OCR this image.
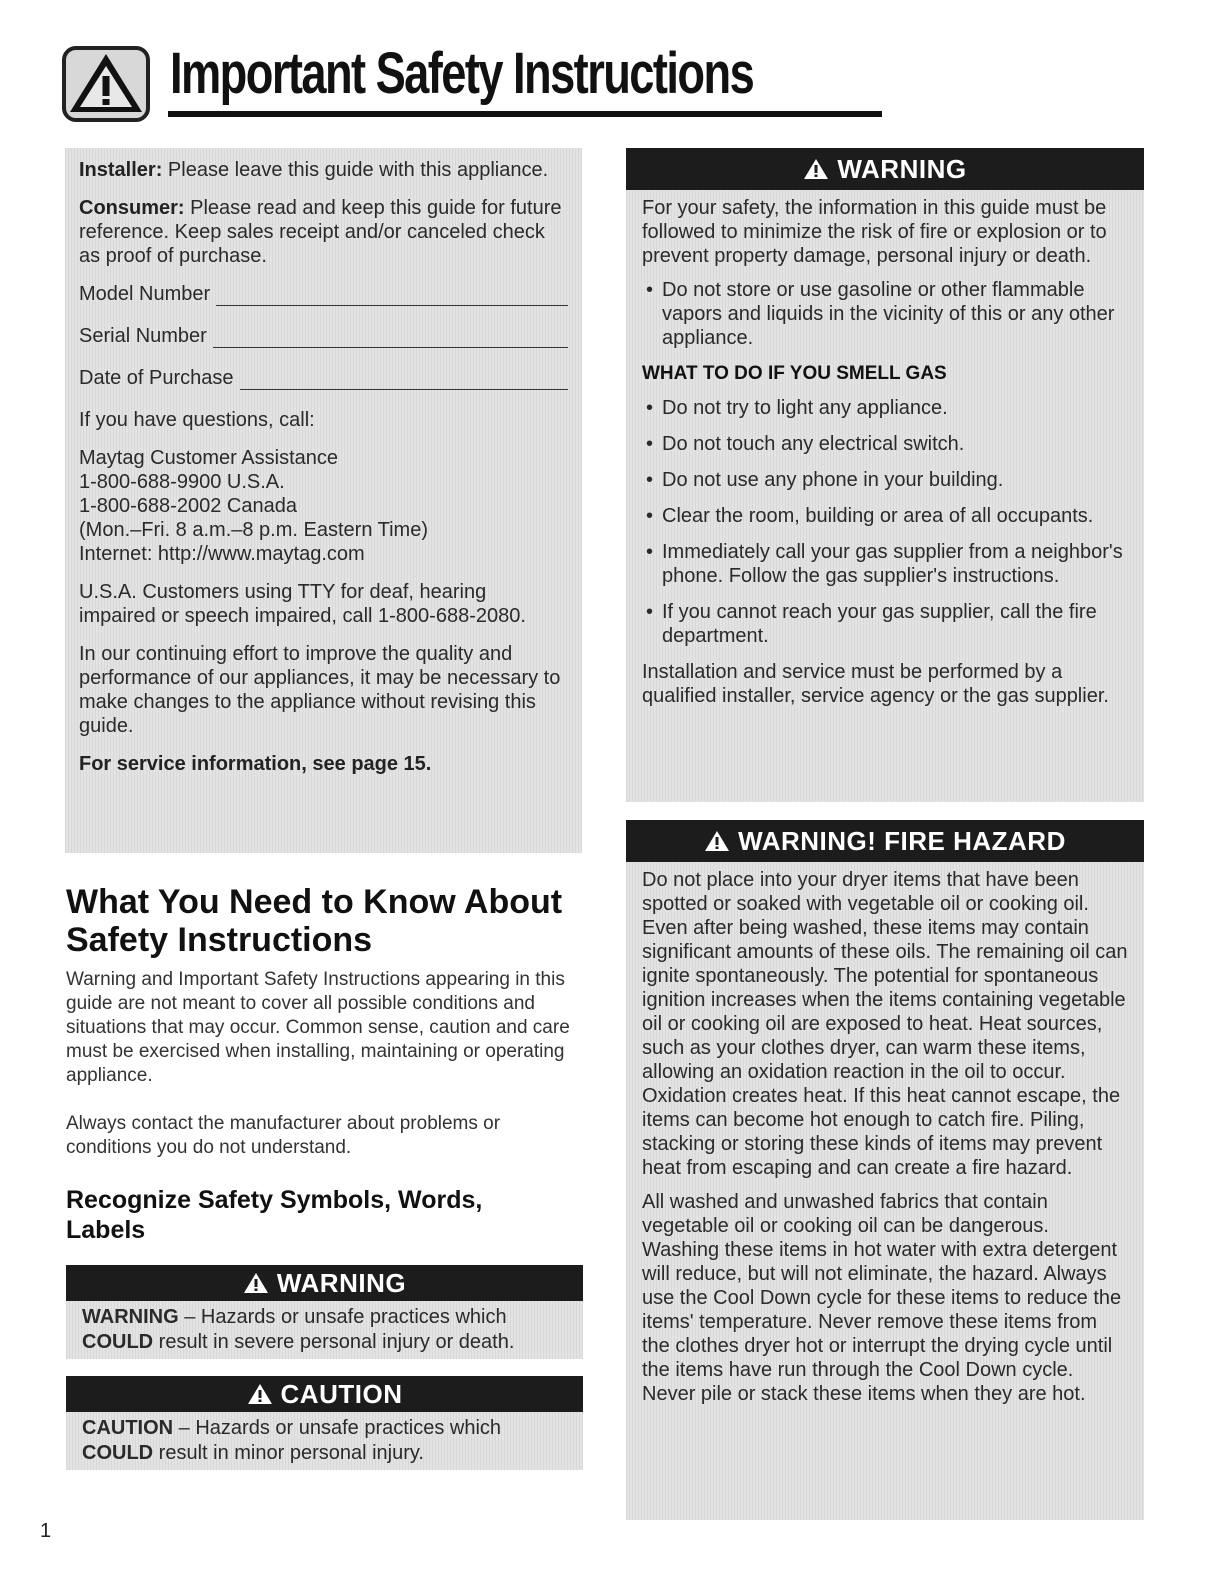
Important Safety Instructions

Installer: Please leave this guide with this appliance.

Consumer: Please read and keep this guide for future reference. Keep sales receipt and/or canceled check as proof of purchase.

Model Number
Serial Number
Date of Purchase

If you have questions, call:

Maytag Customer Assistance
1-800-688-9900 U.S.A.
1-800-688-2002 Canada
(Mon.–Fri. 8 a.m.–8 p.m. Eastern Time)
Internet: http://www.maytag.com

U.S.A. Customers using TTY for deaf, hearing impaired or speech impaired, call 1-800-688-2080.

In our continuing effort to improve the quality and performance of our appliances, it may be necessary to make changes to the appliance without revising this guide.

For service information, see page 15.

What You Need to Know About Safety Instructions
Warning and Important Safety Instructions appearing in this guide are not meant to cover all possible conditions and situations that may occur. Common sense, caution and care must be exercised when installing, maintaining or operating appliance.
Always contact the manufacturer about problems or conditions you do not understand.
Recognize Safety Symbols, Words, Labels
WARNING
WARNING – Hazards or unsafe practices which
COULD result in severe personal injury or death.
CAUTION
CAUTION – Hazards or unsafe practices which
COULD result in minor personal injury.
WARNING

For your safety, the information in this guide must be followed to minimize the risk of fire or explosion or to prevent property damage, personal injury or death.

• Do not store or use gasoline or other flammable vapors and liquids in the vicinity of this or any other appliance.
WHAT TO DO IF YOU SMELL GAS
• Do not try to light any appliance.
• Do not touch any electrical switch.
• Do not use any phone in your building.
• Clear the room, building or area of all occupants.
• Immediately call your gas supplier from a neighbor's phone. Follow the gas supplier's instructions.
• If you cannot reach your gas supplier, call the fire department.

Installation and service must be performed by a qualified installer, service agency or the gas supplier.

WARNING! FIRE HAZARD

Do not place into your dryer items that have been spotted or soaked with vegetable oil or cooking oil. Even after being washed, these items may contain significant amounts of these oils. The remaining oil can ignite spontaneously. The potential for spontaneous ignition increases when the items containing vegetable oil or cooking oil are exposed to heat. Heat sources, such as your clothes dryer, can warm these items, allowing an oxidation reaction in the oil to occur. Oxidation creates heat. If this heat cannot escape, the items can become hot enough to catch fire. Piling, stacking or storing these kinds of items may prevent heat from escaping and can create a fire hazard.

All washed and unwashed fabrics that contain vegetable oil or cooking oil can be dangerous. Washing these items in hot water with extra detergent will reduce, but will not eliminate, the hazard. Always use the Cool Down cycle for these items to reduce the items' temperature. Never remove these items from the clothes dryer hot or interrupt the drying cycle until the items have run through the Cool Down cycle. Never pile or stack these items when they are hot.

1
